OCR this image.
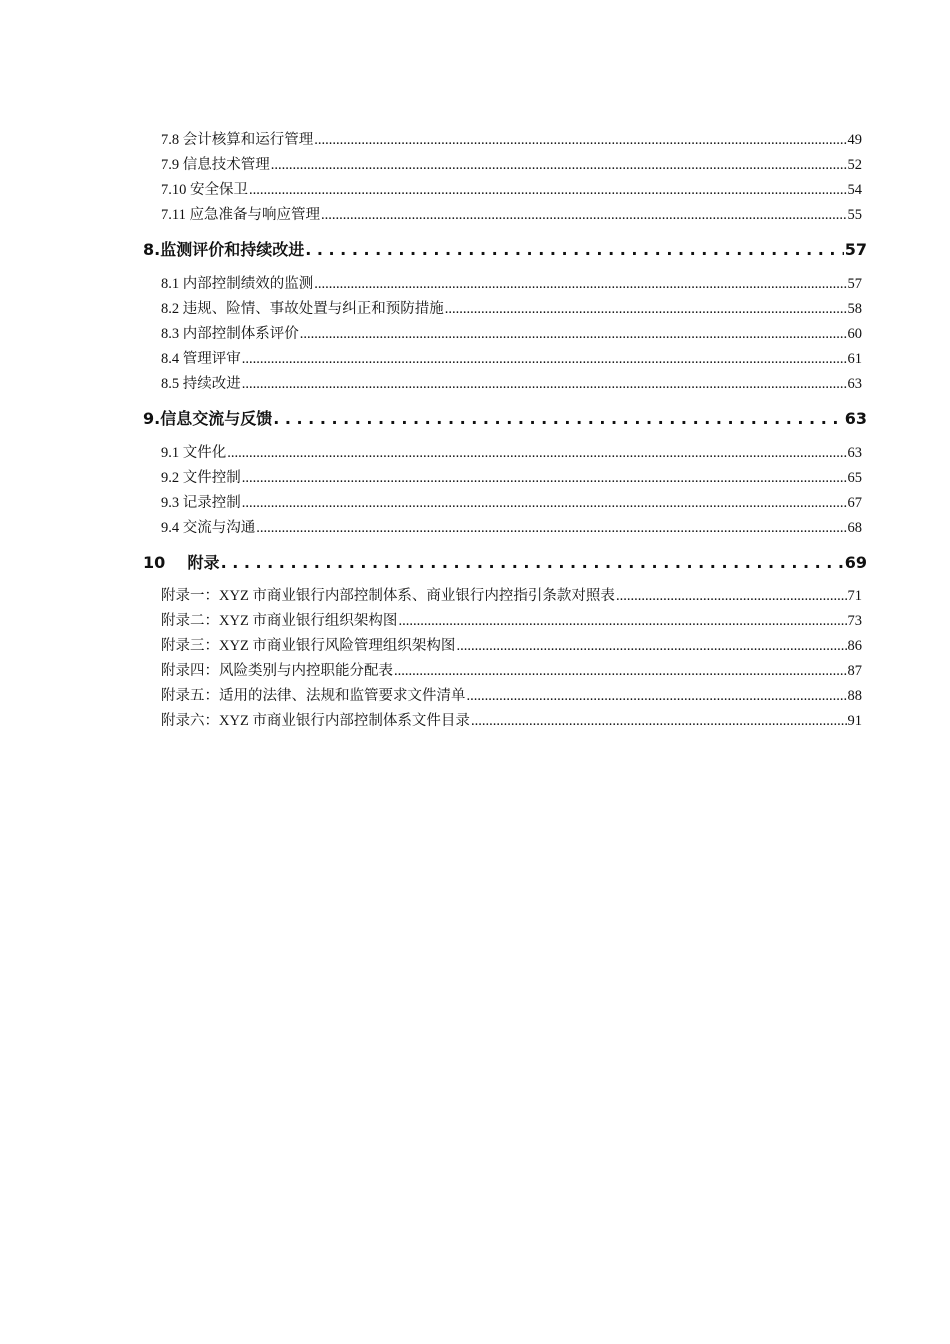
7.8 会计核算和运行管理 .....	49
7.9 信息技术管理 .....	52
7.10 安全保卫 .....	54
7.11 应急准备与响应管理 .....	55
8.监测评价和持续改进 . . .	57
8.1 内部控制绩效的监测 .....	57
8.2 违规、险情、事故处置与纠正和预防措施 .....	58
8.3 内部控制体系评价 .....	60
8.4 管理评审 .....	61
8.5 持续改进 .....	63
9.信息交流与反馈 . . .	63
9.1 文件化 .....	63
9.2 文件控制 .....	65
9.3 记录控制 .....	67
9.4 交流与沟通 .....	68
10    附录 . . .	69
附录一：XYZ 市商业银行内部控制体系、商业银行内控指引条款对照表 .....	71
附录二：XYZ 市商业银行组织架构图 .....	73
附录三：XYZ 市商业银行风险管理组织架构图 .....	86
附录四：风险类别与内控职能分配表 .....	87
附录五：适用的法律、法规和监管要求文件清单 .....	88
附录六：XYZ 市商业银行内部控制体系文件目录 .....	91
